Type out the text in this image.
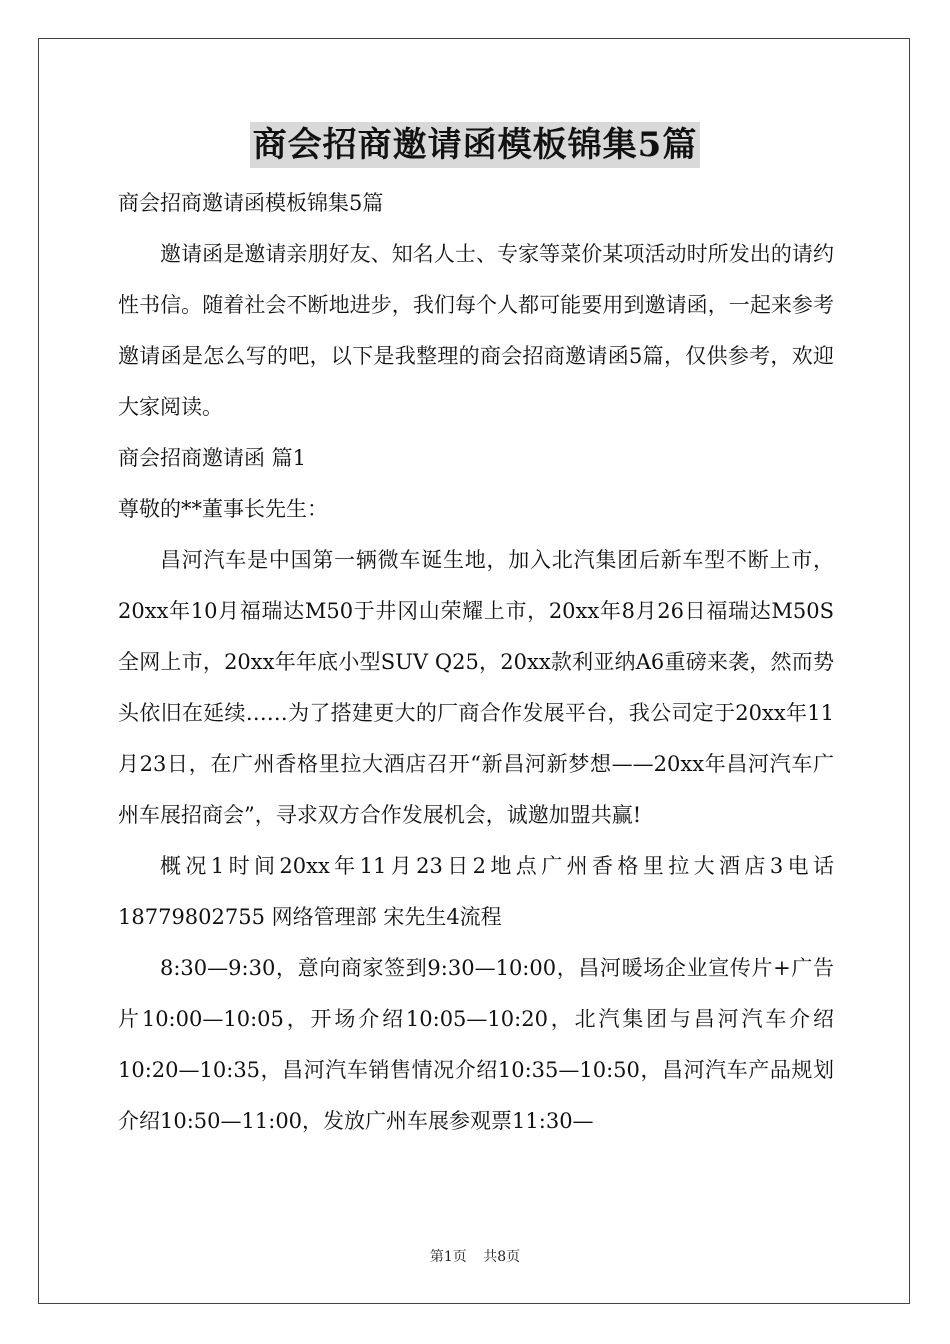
商会招商邀请函模板锦集5篇
商会招商邀请函模板锦集5篇

邀请函是邀请亲朋好友、知名人士、专家等菜价某项活动时所发出的请约性书信。随着社会不断地进步，我们每个人都可能要用到邀请函，一起来参考邀请函是怎么写的吧，以下是我整理的商会招商邀请函5篇，仅供参考，欢迎大家阅读。

商会招商邀请函 篇1
尊敬的**董事长先生：

昌河汽车是中国第一辆微车诞生地，加入北汽集团后新车型不断上市，20xx年10月福瑞达M50于井冈山荣耀上市，20xx年8月26日福瑞达M50S全网上市，20xx年年底小型SUV Q25，20xx款利亚纳A6重磅来袭，然而势头依旧在延续……为了搭建更大的厂商合作发展平台，我公司定于20xx年11月23日，在广州香格里拉大酒店召开“新昌河新梦想——20xx年昌河汽车广州车展招商会”，寻求双方合作发展机会，诚邀加盟共赢!

概况1时间20xx年11月23日2地点广州香格里拉大酒店3电话18779802755 网络管理部 宋先生4流程

8:30—9:30，意向商家签到9:30—10:00，昌河暖场企业宣传片+广告片10:00—10:05，开场介绍10:05—10:20，北汽集团与昌河汽车介绍10:20—10:35，昌河汽车销售情况介绍10:35—10:50，昌河汽车产品规划介绍10:50—11:00，发放广州车展参观票11:30—

第1页 共8页
